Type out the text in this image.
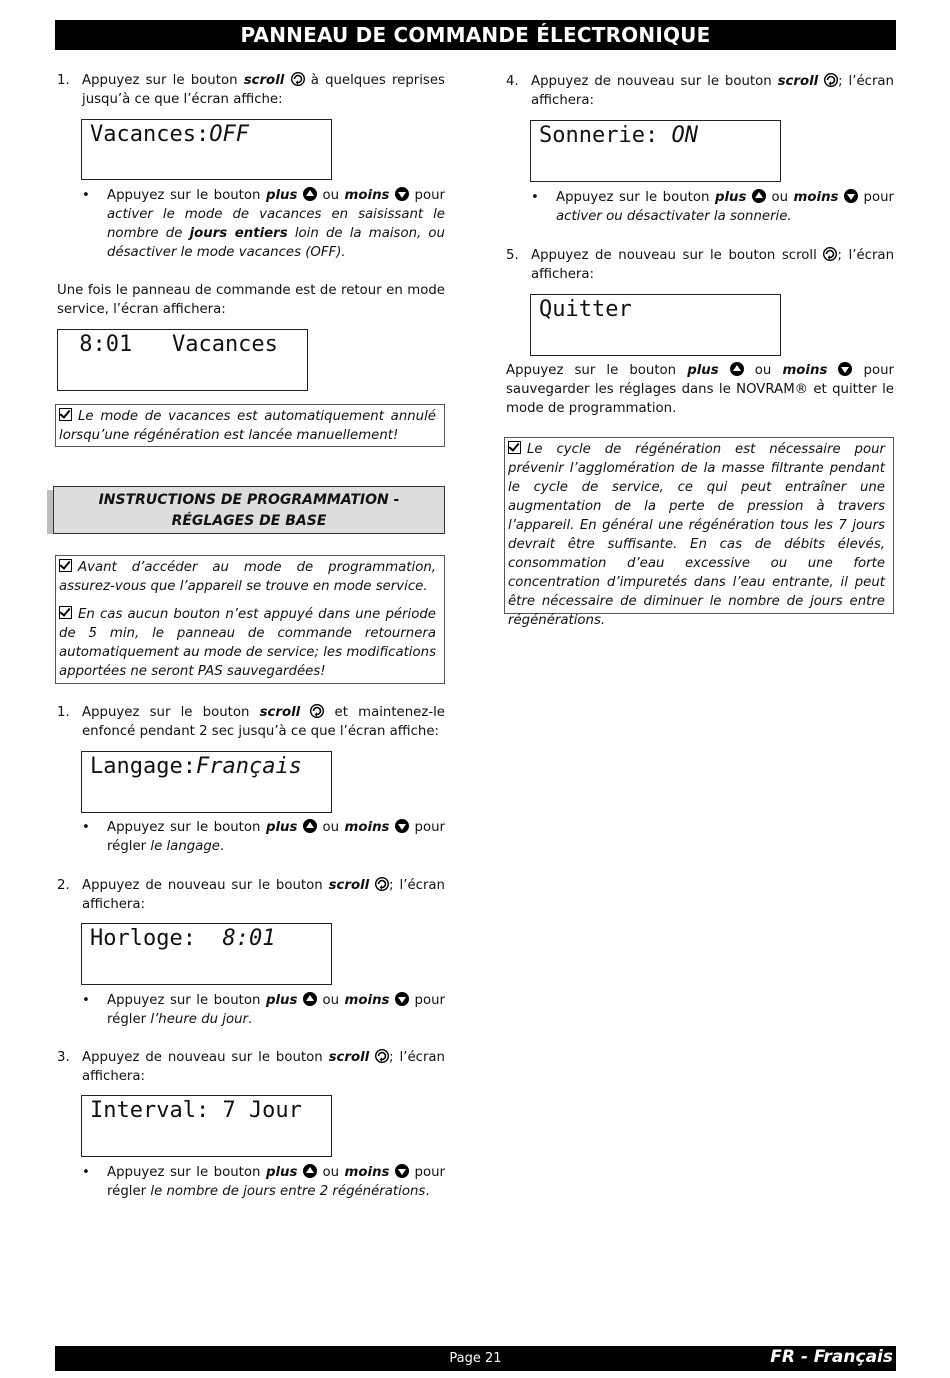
PANNEAU DE COMMANDE ÉLECTRONIQUE
1. Appuyez sur le bouton scroll  à quelques reprises jusqu’à ce que l’écran affiche:
Vacances:OFF
• Appuyez sur le bouton plus  ou moins  pour activer le mode de vacances en saisissant le nombre de jours entiers loin de la maison, ou désactiver le mode vacances (OFF).
Une fois le panneau de commande est de retour en mode service, l’écran affichera:
8:01   Vacances
Le mode de vacances est automatiquement annulé lorsqu’une régénération est lancée manuellement!
INSTRUCTIONS DE PROGRAMMATION -
RÉGLAGES DE BASE
Avant d’accéder au mode de programmation, assurez-vous que l’appareil se trouve en mode service.
En cas aucun bouton n’est appuyé dans une période de 5 min, le panneau de commande retournera automatiquement au mode de service; les modifications apportées ne seront PAS sauvegardées!
1. Appuyez sur le bouton scroll	et maintenez-le enfoncé pendant 2 sec jusqu’à ce que l’écran affiche:
Langage:Français
• Appuyez sur le bouton plus  ou moins  pour régler le langage.
2. Appuyez de nouveau sur le bouton scroll ; l’écran affichera:
Horloge:  8:01
• Appuyez sur le bouton plus  ou moins  pour régler l’heure du jour.
3. Appuyez de nouveau sur le bouton scroll ; l’écran affichera:
Interval: 7 Jour
• Appuyez sur le bouton plus  ou moins  pour régler le nombre de jours entre 2 régénérations.
4. Appuyez de nouveau sur le bouton scroll ; l’écran affichera:
Sonnerie: ON
• Appuyez sur le bouton plus  ou moins  pour activer ou désactivater la sonnerie.
5. Appuyez de nouveau sur le bouton scroll ; l’écran affichera:
Quitter
Appuyez sur le bouton plus  ou moins  pour sauvegarder les réglages dans le NOVRAM® et quitter le mode de programmation.
Le cycle de régénération est nécessaire pour prévenir l’agglomération de la masse filtrante pendant le cycle de service, ce qui peut entraîner une augmentation de la perte de pression à travers l’appareil. En général une régénération tous les 7 jours devrait être suffisante. En cas de débits élevés, consommation d’eau excessive ou une forte concentration d’impuretés dans l’eau entrante, il peut être nécessaire de diminuer le nombre de jours entre régénérations.
Page 21	FR - Français
